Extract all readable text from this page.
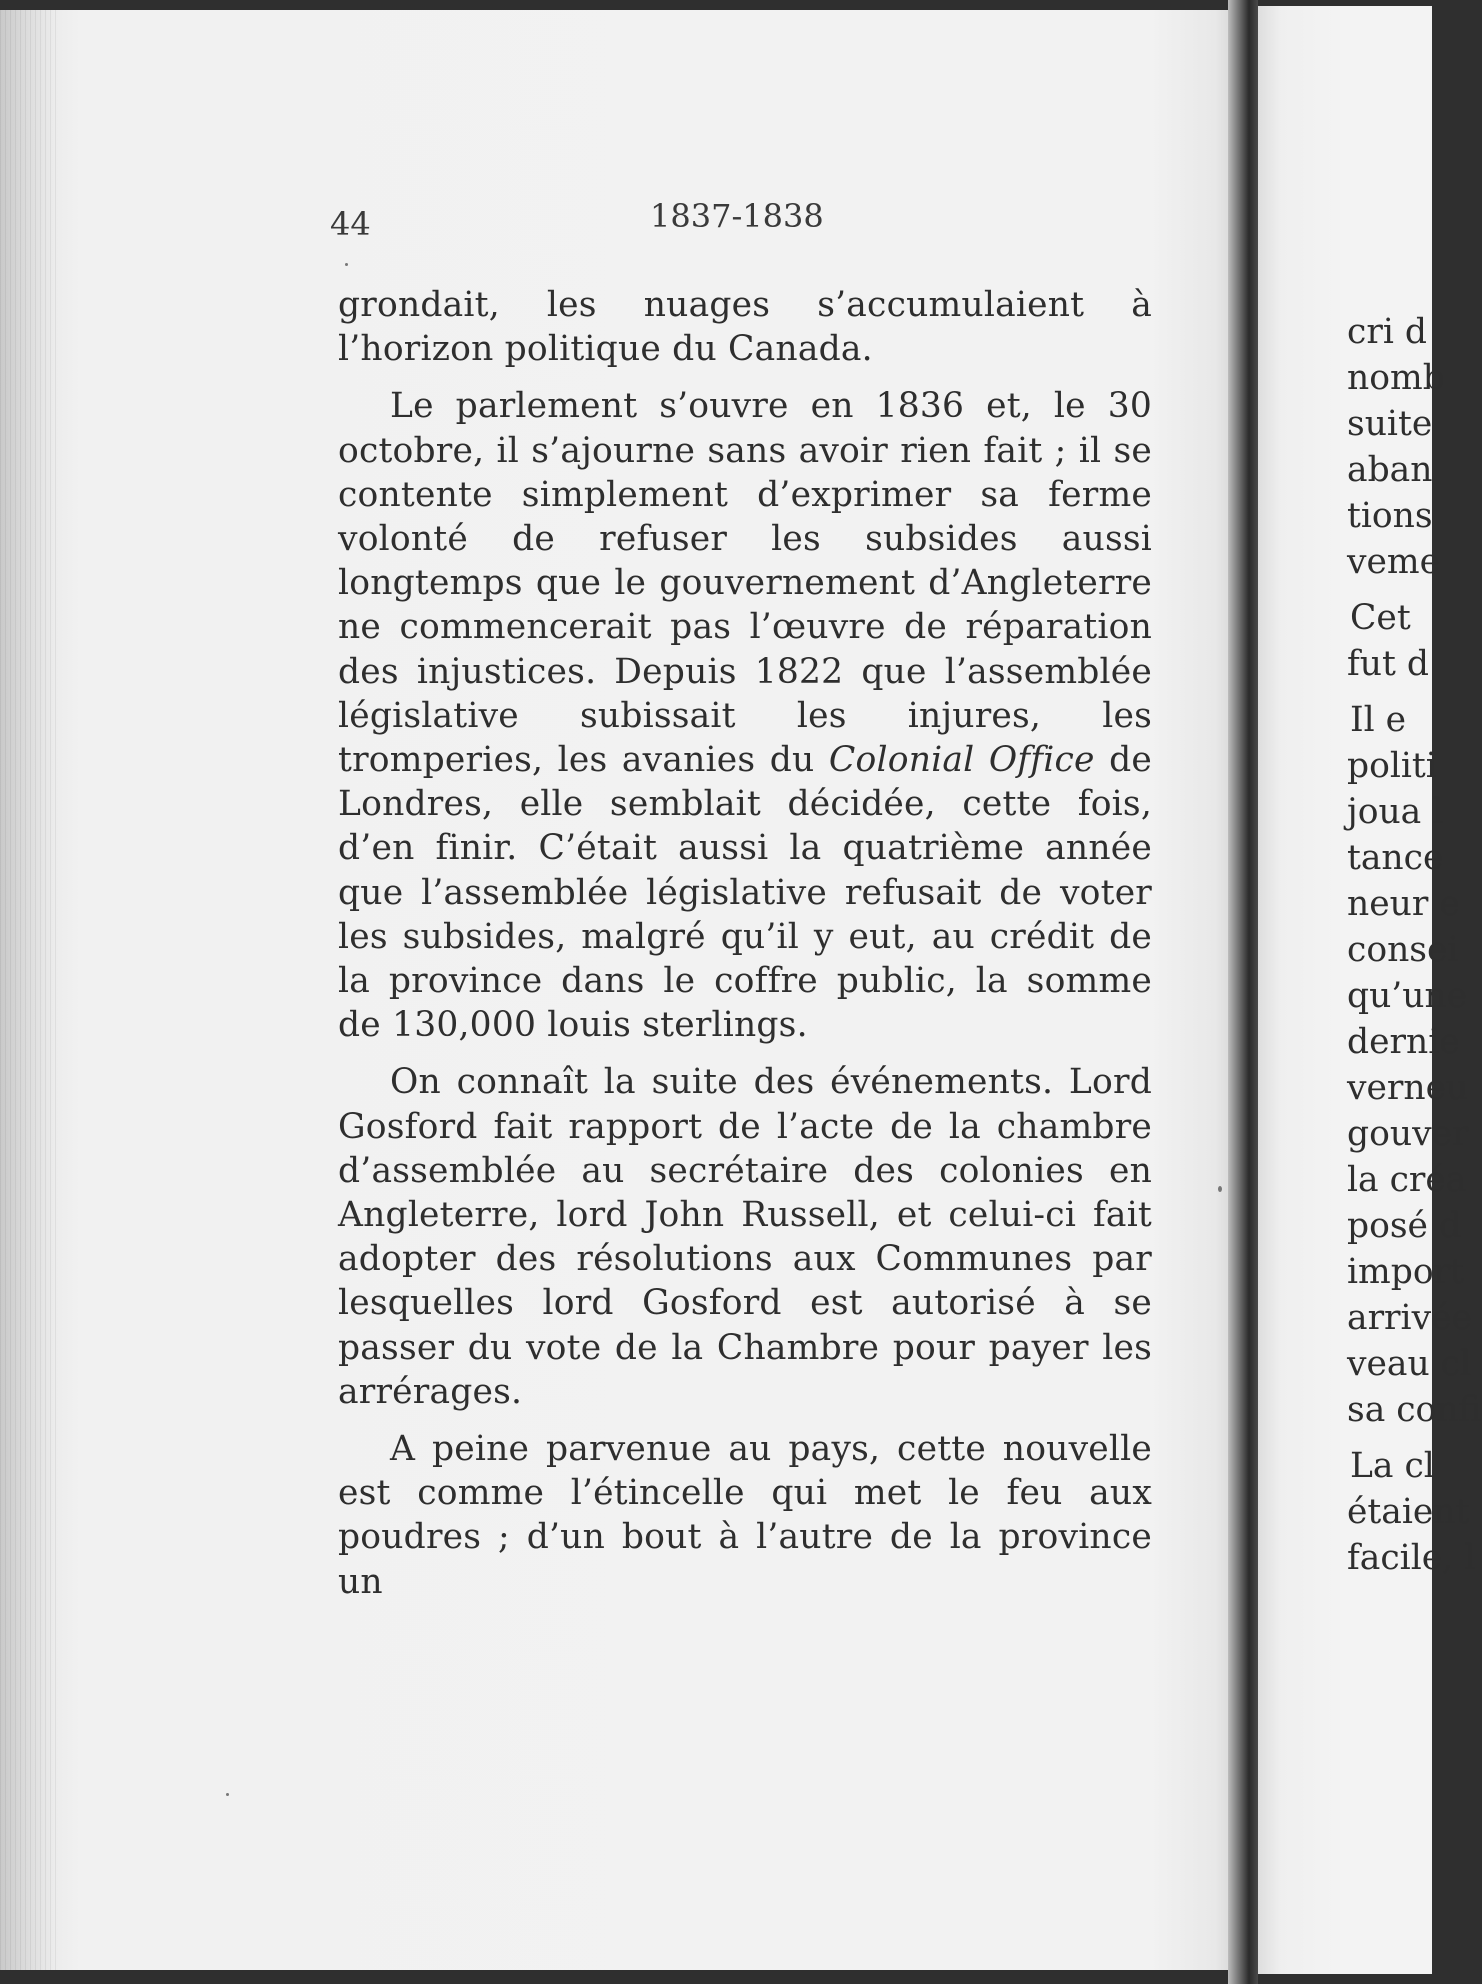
44	1837-1838

grondait, les nuages s’accumulaient à l’horizon politique du Canada.

Le parlement s’ouvre en 1836 et, le 30 octobre, il s’ajourne sans avoir rien fait ; il se contente simplement d’exprimer sa ferme volonté de refuser les subsides aussi longtemps que le gouvernement d’Angleterre ne commencerait pas l’œuvre de réparation des injustices. Depuis 1822 que l’assemblée législative subissait les injures, les tromperies, les avanies du Colonial Office de Londres, elle semblait décidée, cette fois, d’en finir. C’était aussi la quatrième année que l’assemblée législative refusait de voter les subsides, malgré qu’il y eut, au crédit de la province dans le coffre public, la somme de 130,000 louis sterlings.

On connaît la suite des événements. Lord Gosford fait rapport de l’acte de la chambre d’assemblée au secrétaire des colonies en Angleterre, lord John Russell, et celui-ci fait adopter des résolutions aux Communes par lesquelles lord Gosford est autorisé à se passer du vote de la Chambre pour payer les arrérages.

A peine parvenue au pays, cette nouvelle est comme l’étincelle qui met le feu aux poudres ; d’un bout à l’autre de la province un

cri d
nomb
suite
aban
tions
veme
Cet
fut d
Il e
politi
joua l
tance
neur e
consei
qu’une
dernie
verneu
gouver
la créa
posé d
import
arrivée
veau cl
sa confi
La cl
étaient
facile, l
